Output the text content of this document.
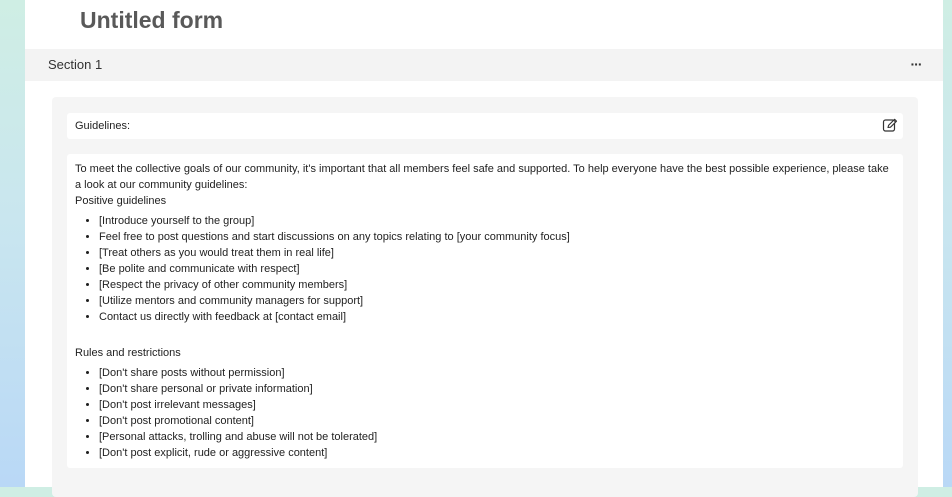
Untitled form
Section 1	···
Guidelines:

To meet the collective goals of our community, it's important that all members feel safe and supported. To help everyone have the best possible experience, please take a look at our community guidelines:

Positive guidelines

• [Introduce yourself to the group]
• Feel free to post questions and start discussions on any topics relating to [your community focus]
• [Treat others as you would treat them in real life]
• [Be polite and communicate with respect]
• [Respect the privacy of other community members]
• [Utilize mentors and community managers for support]
• Contact us directly with feedback at [contact email]

Rules and restrictions

• [Don't share posts without permission]
• [Don't share personal or private information]
• [Don't post irrelevant messages]
• [Don't post promotional content]
• [Personal attacks, trolling and abuse will not be tolerated]
• [Don't post explicit, rude or aggressive content]
